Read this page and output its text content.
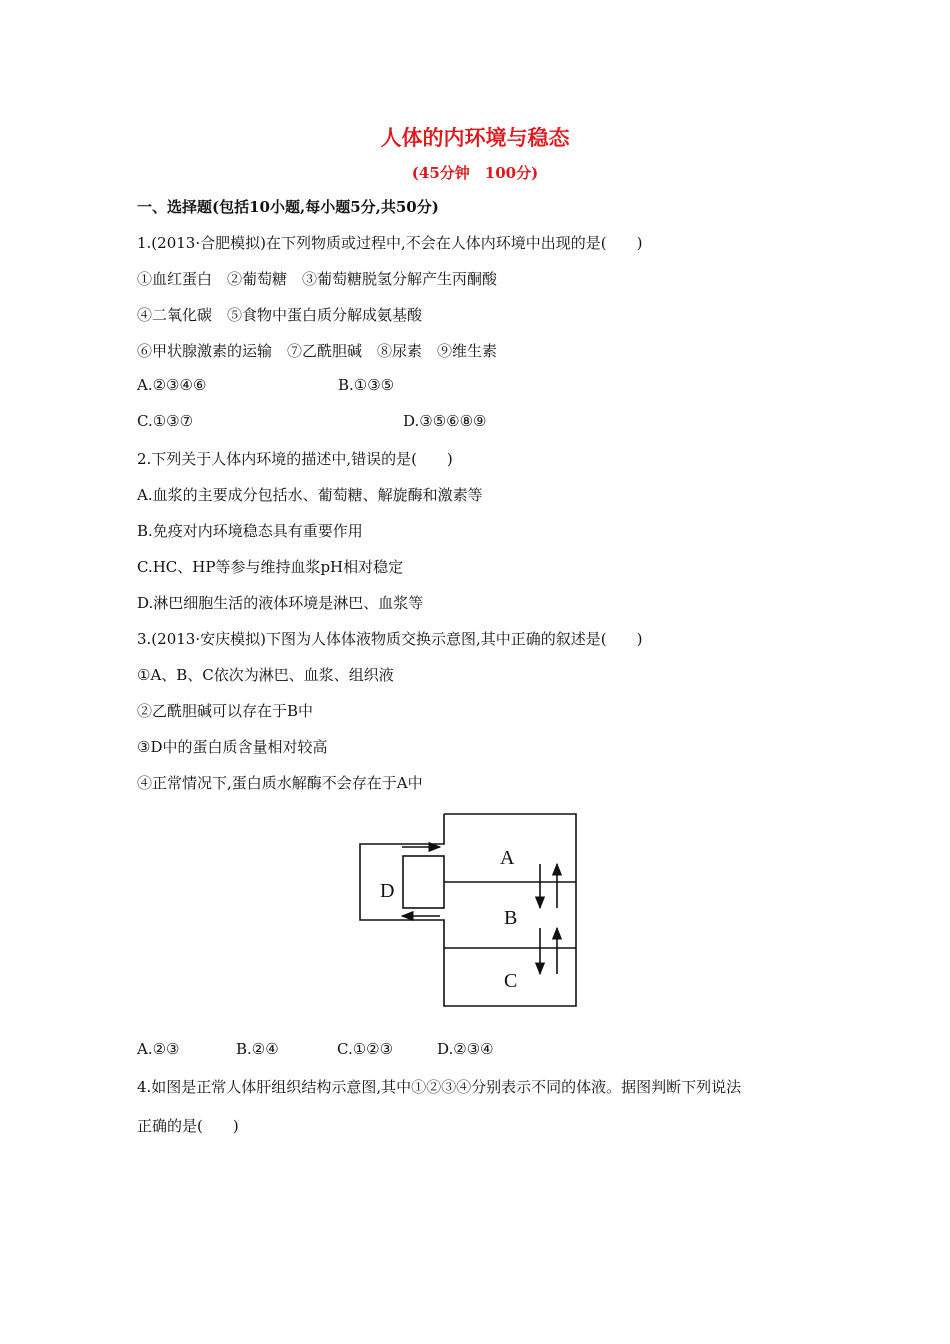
人体的内环境与稳态
(45分钟　100分)
一、选择题(包括10小题,每小题5分,共50分)
1.(2013·合肥模拟)在下列物质或过程中,不会在人体内环境中出现的是(　　)
①血红蛋白　②葡萄糖　③葡萄糖脱氢分解产生丙酮酸
④二氧化碳　⑤食物中蛋白质分解成氨基酸
⑥甲状腺激素的运输　⑦乙酰胆碱　⑧尿素　⑨维生素
A.②③④⑥	B.①③⑤
C.①③⑦	D.③⑤⑥⑧⑨
2.下列关于人体内环境的描述中,错误的是(　　)
A.血浆的主要成分包括水、葡萄糖、解旋酶和激素等
B.免疫对内环境稳态具有重要作用
C.HC、HP等参与维持血浆pH相对稳定
D.淋巴细胞生活的液体环境是淋巴、血浆等
3.(2013·安庆模拟)下图为人体体液物质交换示意图,其中正确的叙述是(　　)
①A、B、C依次为淋巴、血浆、组织液
②乙酰胆碱可以存在于B中
③D中的蛋白质含量相对较高
④正常情况下,蛋白质水解酶不会存在于A中
A
B
C
D
A.②③	B.②④	C.①②③	D.②③④
4.如图是正常人体肝组织结构示意图,其中①②③④分别表示不同的体液。据图判断下列说法
正确的是(　　)
